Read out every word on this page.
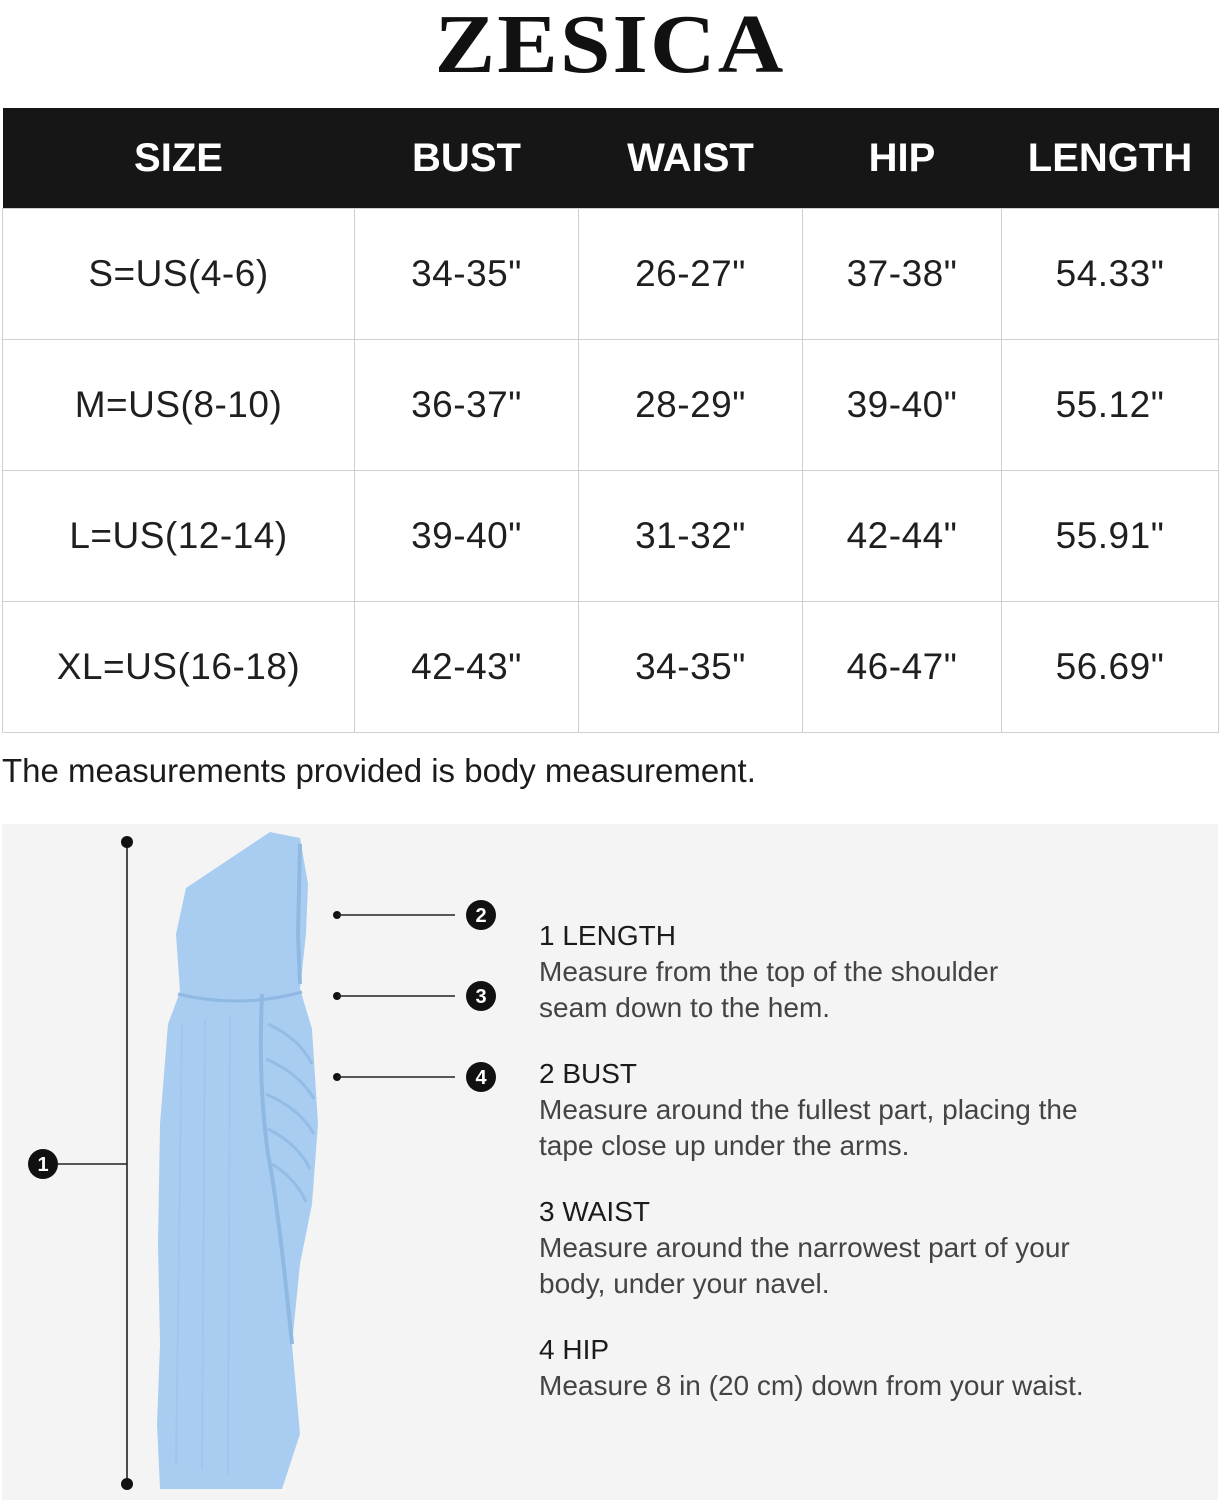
ZESICA
SIZE	BUST	WAIST	HIP	LENGTH
S=US(4-6)	34-35"	26-27"	37-38"	54.33"
M=US(8-10)	36-37"	28-29"	39-40"	55.12"
L=US(12-14)	39-40"	31-32"	42-44"	55.91"
XL=US(16-18)	42-43"	34-35"	46-47"	56.69"
The measurements provided is body measurement.
1
2
3
4
1 LENGTH
Measure from the top of the shoulder seam down to the hem.
2 BUST
Measure around the fullest part, placing the tape close up under the arms.
3 WAIST
Measure around the narrowest part of your body, under your navel.
4 HIP
Measure 8 in (20 cm) down from your waist.
